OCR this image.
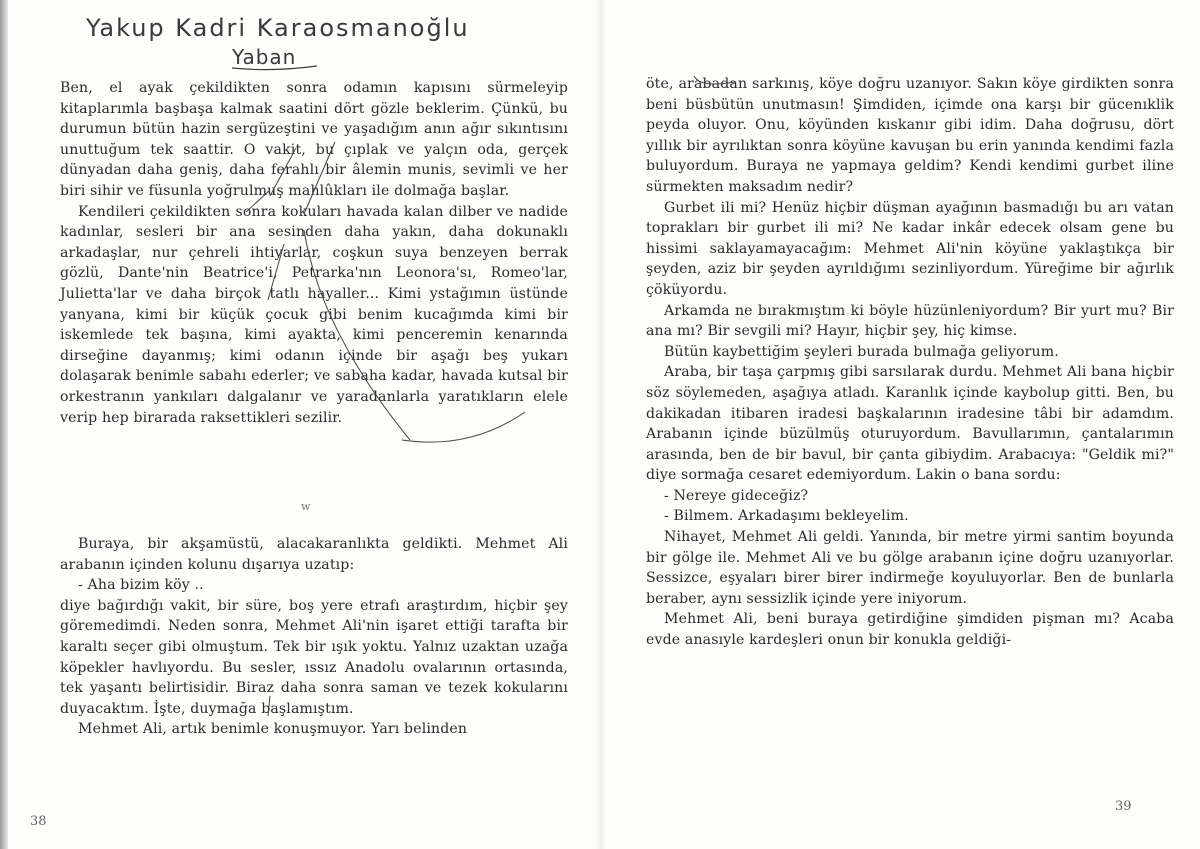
Yakup Kadri Karaosmanoğlu
Yaban

Ben, el ayak çekildikten sonra odamın kapısını sürmeleyip kitaplarımla başbaşa kalmak saatini dört gözle beklerim. Çünkü, bu durumun bütün hazin sergüzeştini ve yaşadığım anın ağır sıkıntısını unuttuğum tek saattir. O vakit, bu çıplak ve yalçın oda, gerçek dünyadan daha geniş, daha ferahlı bir âlemin munis, sevimli ve her biri sihir ve füsunla yoğrulmuş mahlûkları ile dolmağa başlar.

Kendileri çekildikten sonra kokuları havada kalan dilber ve nadide kadınlar, sesleri bir ana sesinden daha yakın, daha dokunaklı arkadaşlar, nur çehreli ihtiyarlar, coşkun suya benzeyen berrak gözlü, Dante'nin Beatrice'i, Petrarka'nın Leonora'sı, Romeo'lar, Julietta'lar ve daha birçok tatlı hayaller... Kimi ystağımın üstünde yanyana, kimi bir küçük çocuk gibi benim kucağımda kimi bir iskemlede tek başına, kimi ayakta, kimi penceremin kenarında dirseğine dayanmış; kimi odanın içinde bir aşağı beş yukarı dolaşarak benimle sabahı ederler; ve sabaha kadar, havada kutsal bir orkestranın yankıları dalgalanır ve yaradanlarla yaratıkların elele verip hep birarada raksettikleri sezilir.

w

Buraya, bir akşamüstü, alacakaranlıkta geldikti. Mehmet Ali arabanın içinden kolunu dışarıya uzatıp:

- Aha bizim köy ..

diye bağırdığı vakit, bir süre, boş yere etrafı araştırdım, hiçbir şey göremedimdi. Neden sonra, Mehmet Ali'nin işaret ettiği tarafta bir karaltı seçer gibi olmuştum. Tek bir ışık yoktu. Yalnız uzaktan uzağa köpekler havlıyordu. Bu sesler, ıssız Anadolu ovalarının ortasında, tek yaşantı belirtisidir. Biraz daha sonra saman ve tezek kokularını duyacaktım. İşte, duymağa başlamıştım.

Mehmet Ali, artık benimle konuşmuyor. Yarı belinden

38

öte, arabadan sarkınış, köye doğru uzanıyor. Sakın köye girdikten sonra beni büsbütün unutmasın! Şimdiden, içimde ona karşı bir gücenıklik peyda oluyor. Onu, köyünden kıskanır gibi idim. Daha doğrusu, dört yıllık bir ayrılıktan sonra köyüne kavuşan bu erin yanında kendimi fazla buluyordum. Buraya ne yapmaya geldim? Kendi kendimi gurbet iline sürmekten maksadım nedir?

Gurbet ili mi? Henüz hiçbir düşman ayağının basmadığı bu arı vatan toprakları bir gurbet ili mi? Ne kadar inkâr edecek olsam gene bu hissimi saklayamayacağım: Mehmet Ali'nin köyüne yaklaştıkça bir şeyden, aziz bir şeyden ayrıldığımı sezinliyordum. Yüreğime bir ağırlık çöküyordu.

Arkamda ne bırakmıştım ki böyle hüzünleniyordum? Bir yurt mu? Bir ana mı? Bir sevgili mi? Hayır, hiçbir şey, hiç kimse.

Bütün kaybettiğim şeyleri burada bulmağa geliyorum.

Araba, bir taşa çarpmış gibi sarsılarak durdu. Mehmet Ali bana hiçbir söz söylemeden, aşağıya atladı. Karanlık içinde kaybolup gitti. Ben, bu dakikadan itibaren iradesi başkalarının iradesine tâbi bir adamdım. Arabanın içinde büzülmüş oturuyordum. Bavullarımın, çantalarımın arasında, ben de bir bavul, bir çanta gibiydim. Arabacıya: "Geldik mi?" diye sormağa cesaret edemiyordum. Lakin o bana sordu:

- Nereye gideceğiz?

- Bilmem. Arkadaşımı bekleyelim.

Nihayet, Mehmet Ali geldi. Yanında, bir metre yirmi santim boyunda bir gölge ile. Mehmet Ali ve bu gölge arabanın içine doğru uzanıyorlar. Sessizce, eşyaları birer birer indirmeğe koyuluyorlar. Ben de bunlarla beraber, aynı sessizlik içinde yere iniyorum.

Mehmet Ali, beni buraya getirdiğine şimdiden pişman mı? Acaba evde anasıyle kardeşleri onun bir konukla geldiği-

39
